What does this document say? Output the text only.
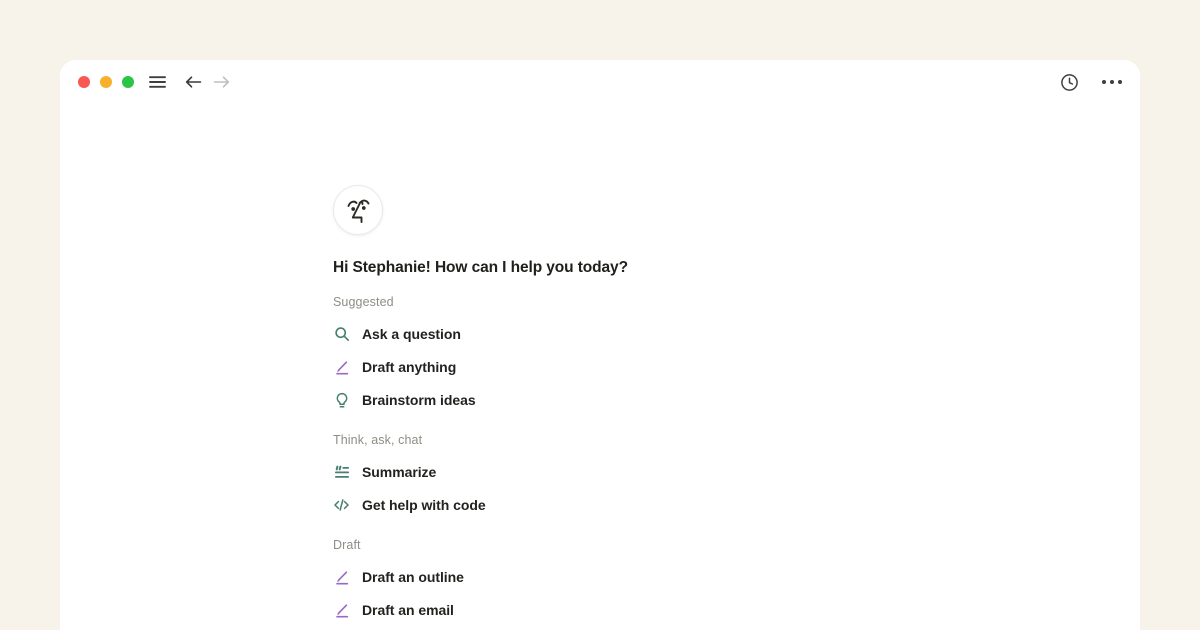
Hi Stephanie! How can I help you today?
Suggested
Ask a question
Draft anything
Brainstorm ideas
Think, ask, chat
Summarize
Get help with code
Draft
Draft an outline
Draft an email
